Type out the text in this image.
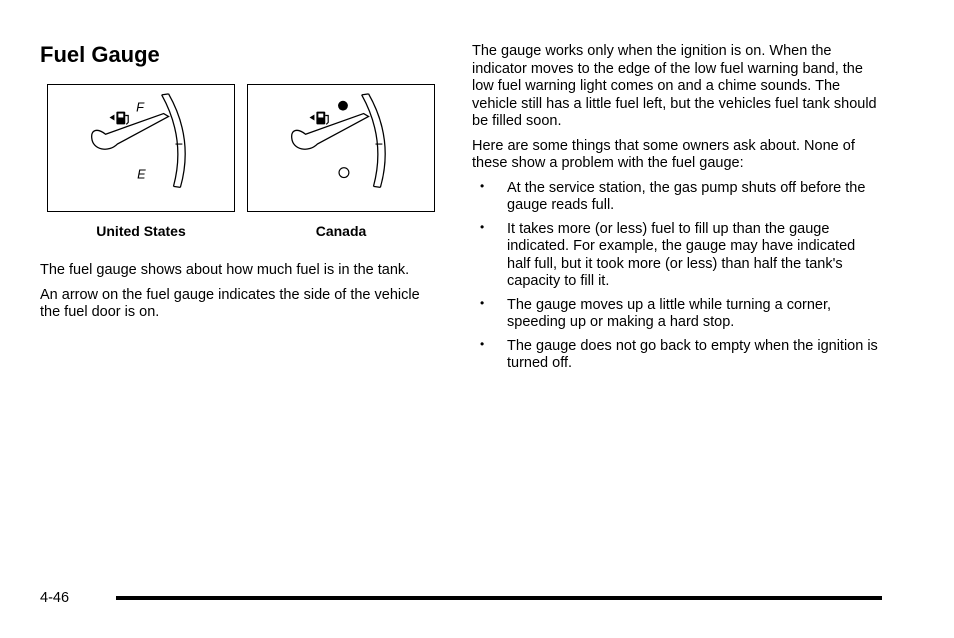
Fuel Gauge
F
E
United States	Canada

The fuel gauge shows about how much fuel is in the tank.

An arrow on the fuel gauge indicates the side of the vehicle the fuel door is on.

The gauge works only when the ignition is on. When the indicator moves to the edge of the low fuel warning band, the low fuel warning light comes on and a chime sounds. The vehicle still has a little fuel left, but the vehicles fuel tank should be filled soon.

Here are some things that some owners ask about. None of these show a problem with the fuel gauge:

• At the service station, the gas pump shuts off before the gauge reads full.
• It takes more (or less) fuel to fill up than the gauge indicated. For example, the gauge may have indicated half full, but it took more (or less) than half the tank's capacity to fill it.
• The gauge moves up a little while turning a corner, speeding up or making a hard stop.
• The gauge does not go back to empty when the ignition is turned off.
4-46
